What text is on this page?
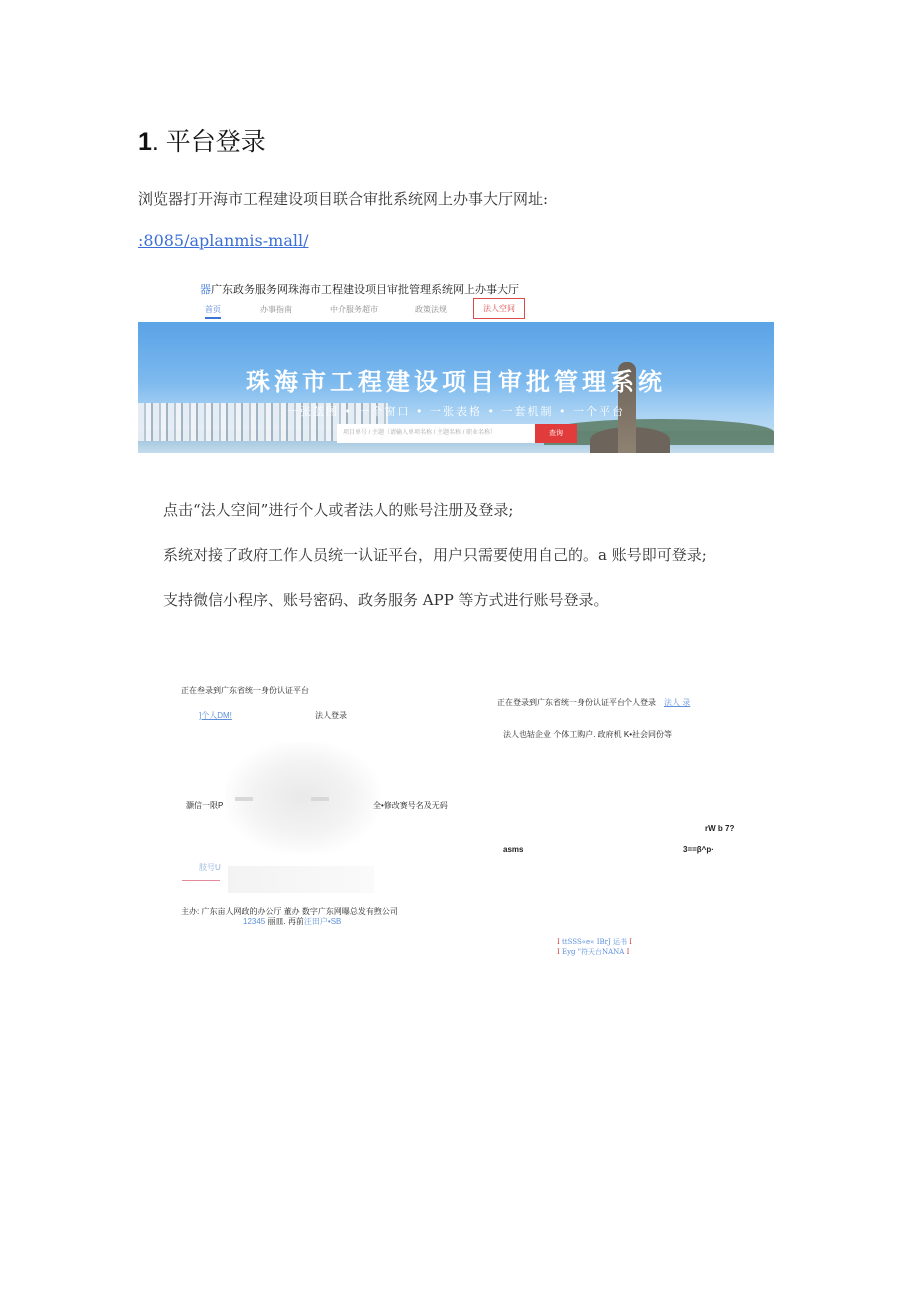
1. 平台登录
浏览器打开海市工程建设项目联合审批系统网上办事大厅网址:
:8085/aplanmis-mall/
器广东政务服务网珠海市工程建设项目审批管理系统网上办事大厅
首页	办事指南	中介服务超市	政策法规	法人空间
珠海市工程建设项目审批管理系统
一张蓝图 • 一个窗口 • 一张表格 • 一套机制 • 一个平台
项目单号 / 主题（请输入单项名称 / 主题名称 / 职业名称）	查询
点击“法人空间”进行个人或者法人的账号注册及登录;
系统对接了政府工作人员统一认证平台，用户只需要使用自己的。a 账号即可登录;
支持微信小程序、账号密码、政务服务 APP 等方式进行账号登录。
正在叁录到广东省统一身份认证平台
]个人DM!	法人登录
灏信一限P	全•修改赛号名及无码
肢号U
主办: 广东亩人网政的办公厅 董办 数字广东网曝总发有煦公司
12345 丽皿. 再前汪田户•SB
正在登录到广东省统一身份认证平台 个人登录 法人 录
法人也轱企业 个体工购户. 政府机 K•社会同份等
rW b 7?
asms	3==β^p·
I ttSSS«e« IBrJ 运书 I
I Eyg "符天台NANA I
